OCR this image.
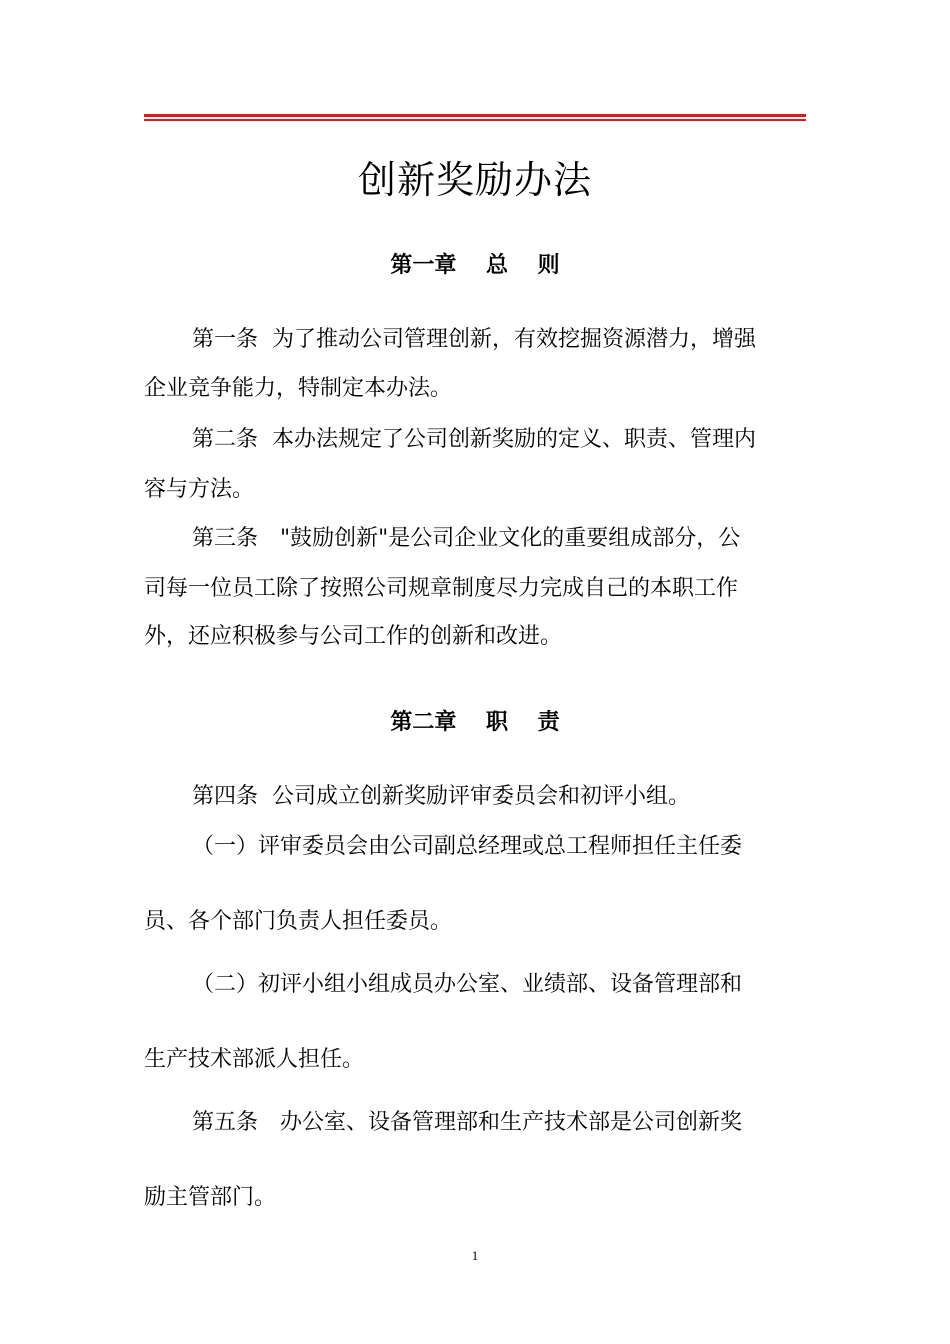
创新奖励办法
第一章　 总　 则
第一条  为了推动公司管理创新，有效挖掘资源潜力，增强
企业竞争能力，特制定本办法。
第二条  本办法规定了公司创新奖励的定义、职责、管理内
容与方法。
第三条　"鼓励创新"是公司企业文化的重要组成部分，公
司每一位员工除了按照公司规章制度尽力完成自己的本职工作
外，还应积极参与公司工作的创新和改进。
第二章　 职　 责
第四条  公司成立创新奖励评审委员会和初评小组。
（一）评审委员会由公司副总经理或总工程师担任主任委
员、各个部门负责人担任委员。
（二）初评小组小组成员办公室、业绩部、设备管理部和
生产技术部派人担任。
第五条　办公室、设备管理部和生产技术部是公司创新奖
励主管部门。
1
